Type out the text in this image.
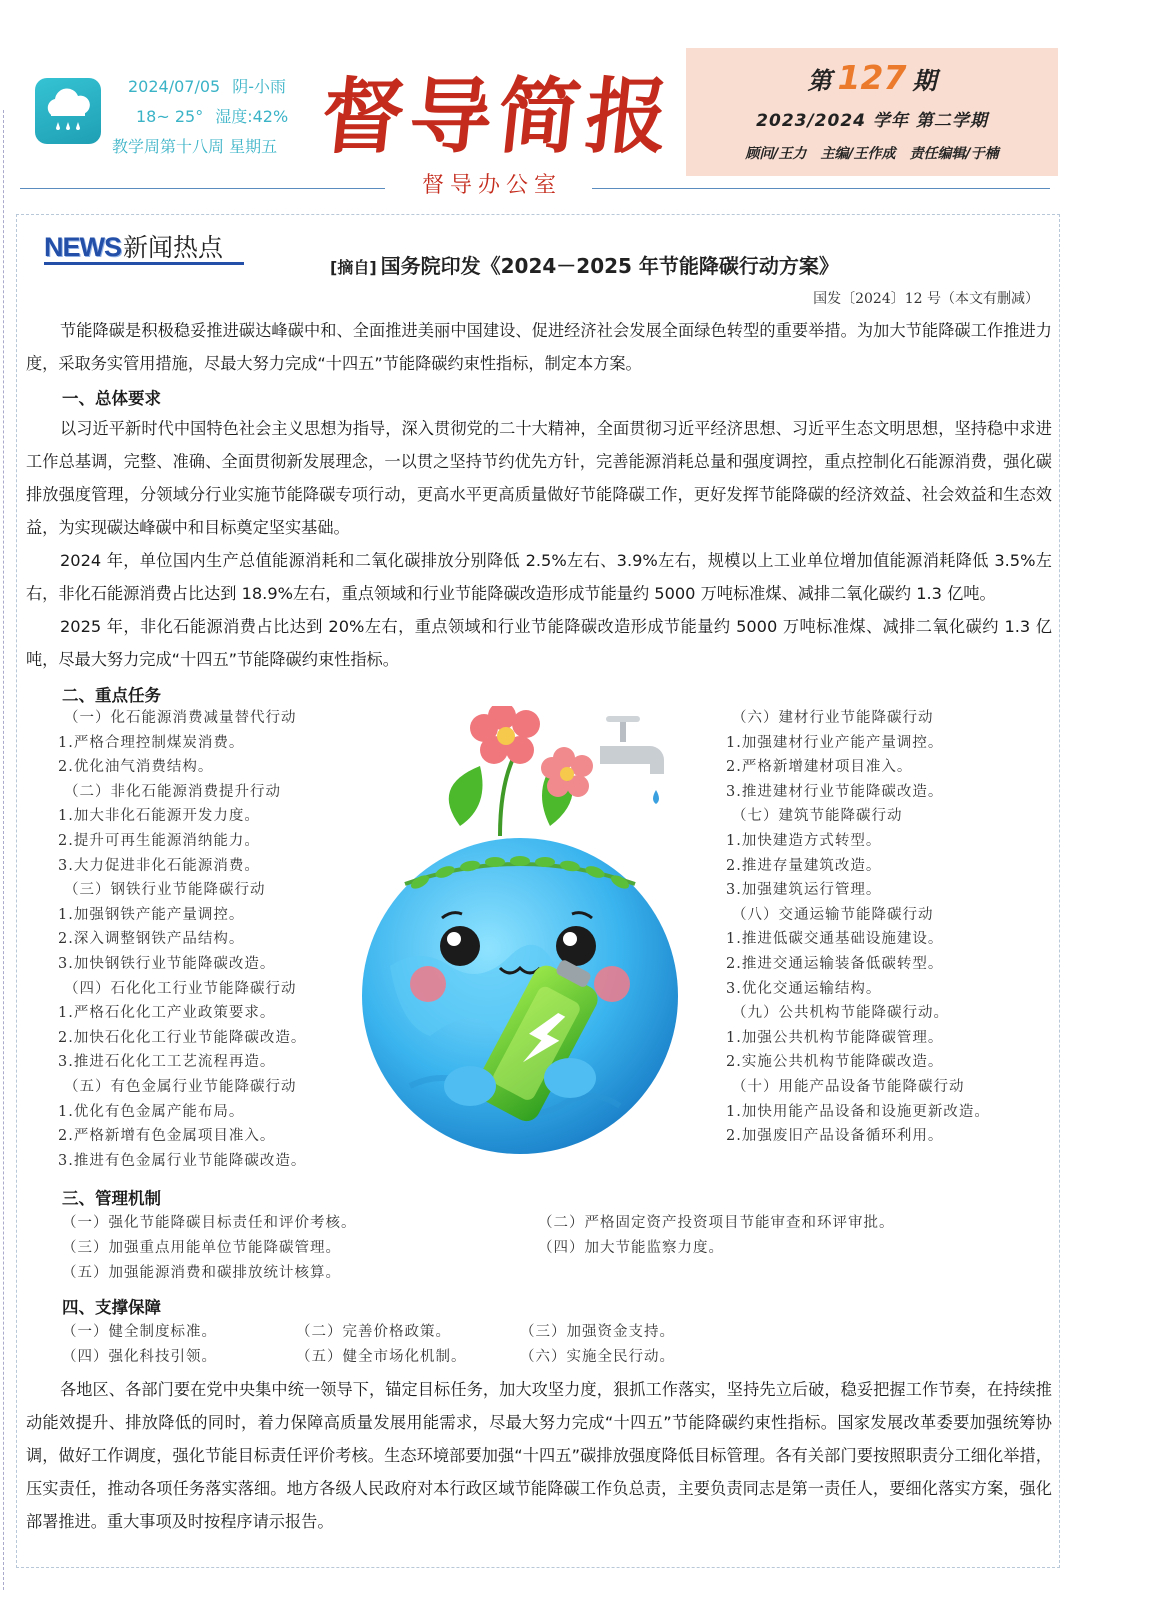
2024/07/05 阴-小雨
18~ 25° 湿度:42%
教学周第十八周 星期五 督导简报
督导办公室
第 127 期
2023/2024 学年 第二学期
顾问/王力 主编/王作成 责任编辑/于楠
NEWS新闻热点
[摘自] 国务院印发《2024－2025 年节能降碳行动方案》
国发〔2024〕12 号（本文有删减）
节能降碳是积极稳妥推进碳达峰碳中和、全面推进美丽中国建设、促进经济社会发展全面绿色转型的重要举措。为加大节能降碳工作推进力度，采取务实管用措施，尽最大努力完成“十四五”节能降碳约束性指标，制定本方案。
一、总体要求
以习近平新时代中国特色社会主义思想为指导，深入贯彻党的二十大精神，全面贯彻习近平经济思想、习近平生态文明思想，坚持稳中求进工作总基调，完整、准确、全面贯彻新发展理念，一以贯之坚持节约优先方针，完善能源消耗总量和强度调控，重点控制化石能源消费，强化碳排放强度管理，分领域分行业实施节能降碳专项行动，更高水平更高质量做好节能降碳工作，更好发挥节能降碳的经济效益、社会效益和生态效益，为实现碳达峰碳中和目标奠定坚实基础。
2024 年，单位国内生产总值能源消耗和二氧化碳排放分别降低 2.5%左右、3.9%左右，规模以上工业单位增加值能源消耗降低 3.5%左右，非化石能源消费占比达到 18.9%左右，重点领域和行业节能降碳改造形成节能量约 5000 万吨标准煤、减排二氧化碳约 1.3 亿吨。
2025 年，非化石能源消费占比达到 20%左右，重点领域和行业节能降碳改造形成节能量约 5000 万吨标准煤、减排二氧化碳约 1.3 亿吨，尽最大努力完成“十四五”节能降碳约束性指标。
二、重点任务
（一）化石能源消费减量替代行动
1.严格合理控制煤炭消费。
2.优化油气消费结构。
（二）非化石能源消费提升行动
1.加大非化石能源开发力度。
2.提升可再生能源消纳能力。
3.大力促进非化石能源消费。
（三）钢铁行业节能降碳行动
1.加强钢铁产能产量调控。
2.深入调整钢铁产品结构。
3.加快钢铁行业节能降碳改造。
（四）石化化工行业节能降碳行动
1.严格石化化工产业政策要求。
2.加快石化化工行业节能降碳改造。
3.推进石化化工工艺流程再造。
（五）有色金属行业节能降碳行动
1.优化有色金属产能布局。
2.严格新增有色金属项目准入。
3.推进有色金属行业节能降碳改造。
（六）建材行业节能降碳行动
1.加强建材行业产能产量调控。
2.严格新增建材项目准入。
3.推进建材行业节能降碳改造。
（七）建筑节能降碳行动
1.加快建造方式转型。
2.推进存量建筑改造。
3.加强建筑运行管理。
（八）交通运输节能降碳行动
1.推进低碳交通基础设施建设。
2.推进交通运输装备低碳转型。
3.优化交通运输结构。
（九）公共机构节能降碳行动。
1.加强公共机构节能降碳管理。
2.实施公共机构节能降碳改造。
（十）用能产品设备节能降碳行动
1.加快用能产品设备和设施更新改造。
2.加强废旧产品设备循环利用。
三、管理机制
（一）强化节能降碳目标责任和评价考核。	（二）严格固定资产投资项目节能审查和环评审批。
（三）加强重点用能单位节能降碳管理。	（四）加大节能监察力度。
（五）加强能源消费和碳排放统计核算。
四、支撑保障
（一）健全制度标准。	（二）完善价格政策。	（三）加强资金支持。
（四）强化科技引领。	（五）健全市场化机制。	（六）实施全民行动。
各地区、各部门要在党中央集中统一领导下，锚定目标任务，加大攻坚力度，狠抓工作落实，坚持先立后破，稳妥把握工作节奏，在持续推动能效提升、排放降低的同时，着力保障高质量发展用能需求，尽最大努力完成“十四五”节能降碳约束性指标。国家发展改革委要加强统筹协调，做好工作调度，强化节能目标责任评价考核。生态环境部要加强“十四五”碳排放强度降低目标管理。各有关部门要按照职责分工细化举措，压实责任，推动各项任务落实落细。地方各级人民政府对本行政区域节能降碳工作负总责，主要负责同志是第一责任人，要细化落实方案，强化部署推进。重大事项及时按程序请示报告。
